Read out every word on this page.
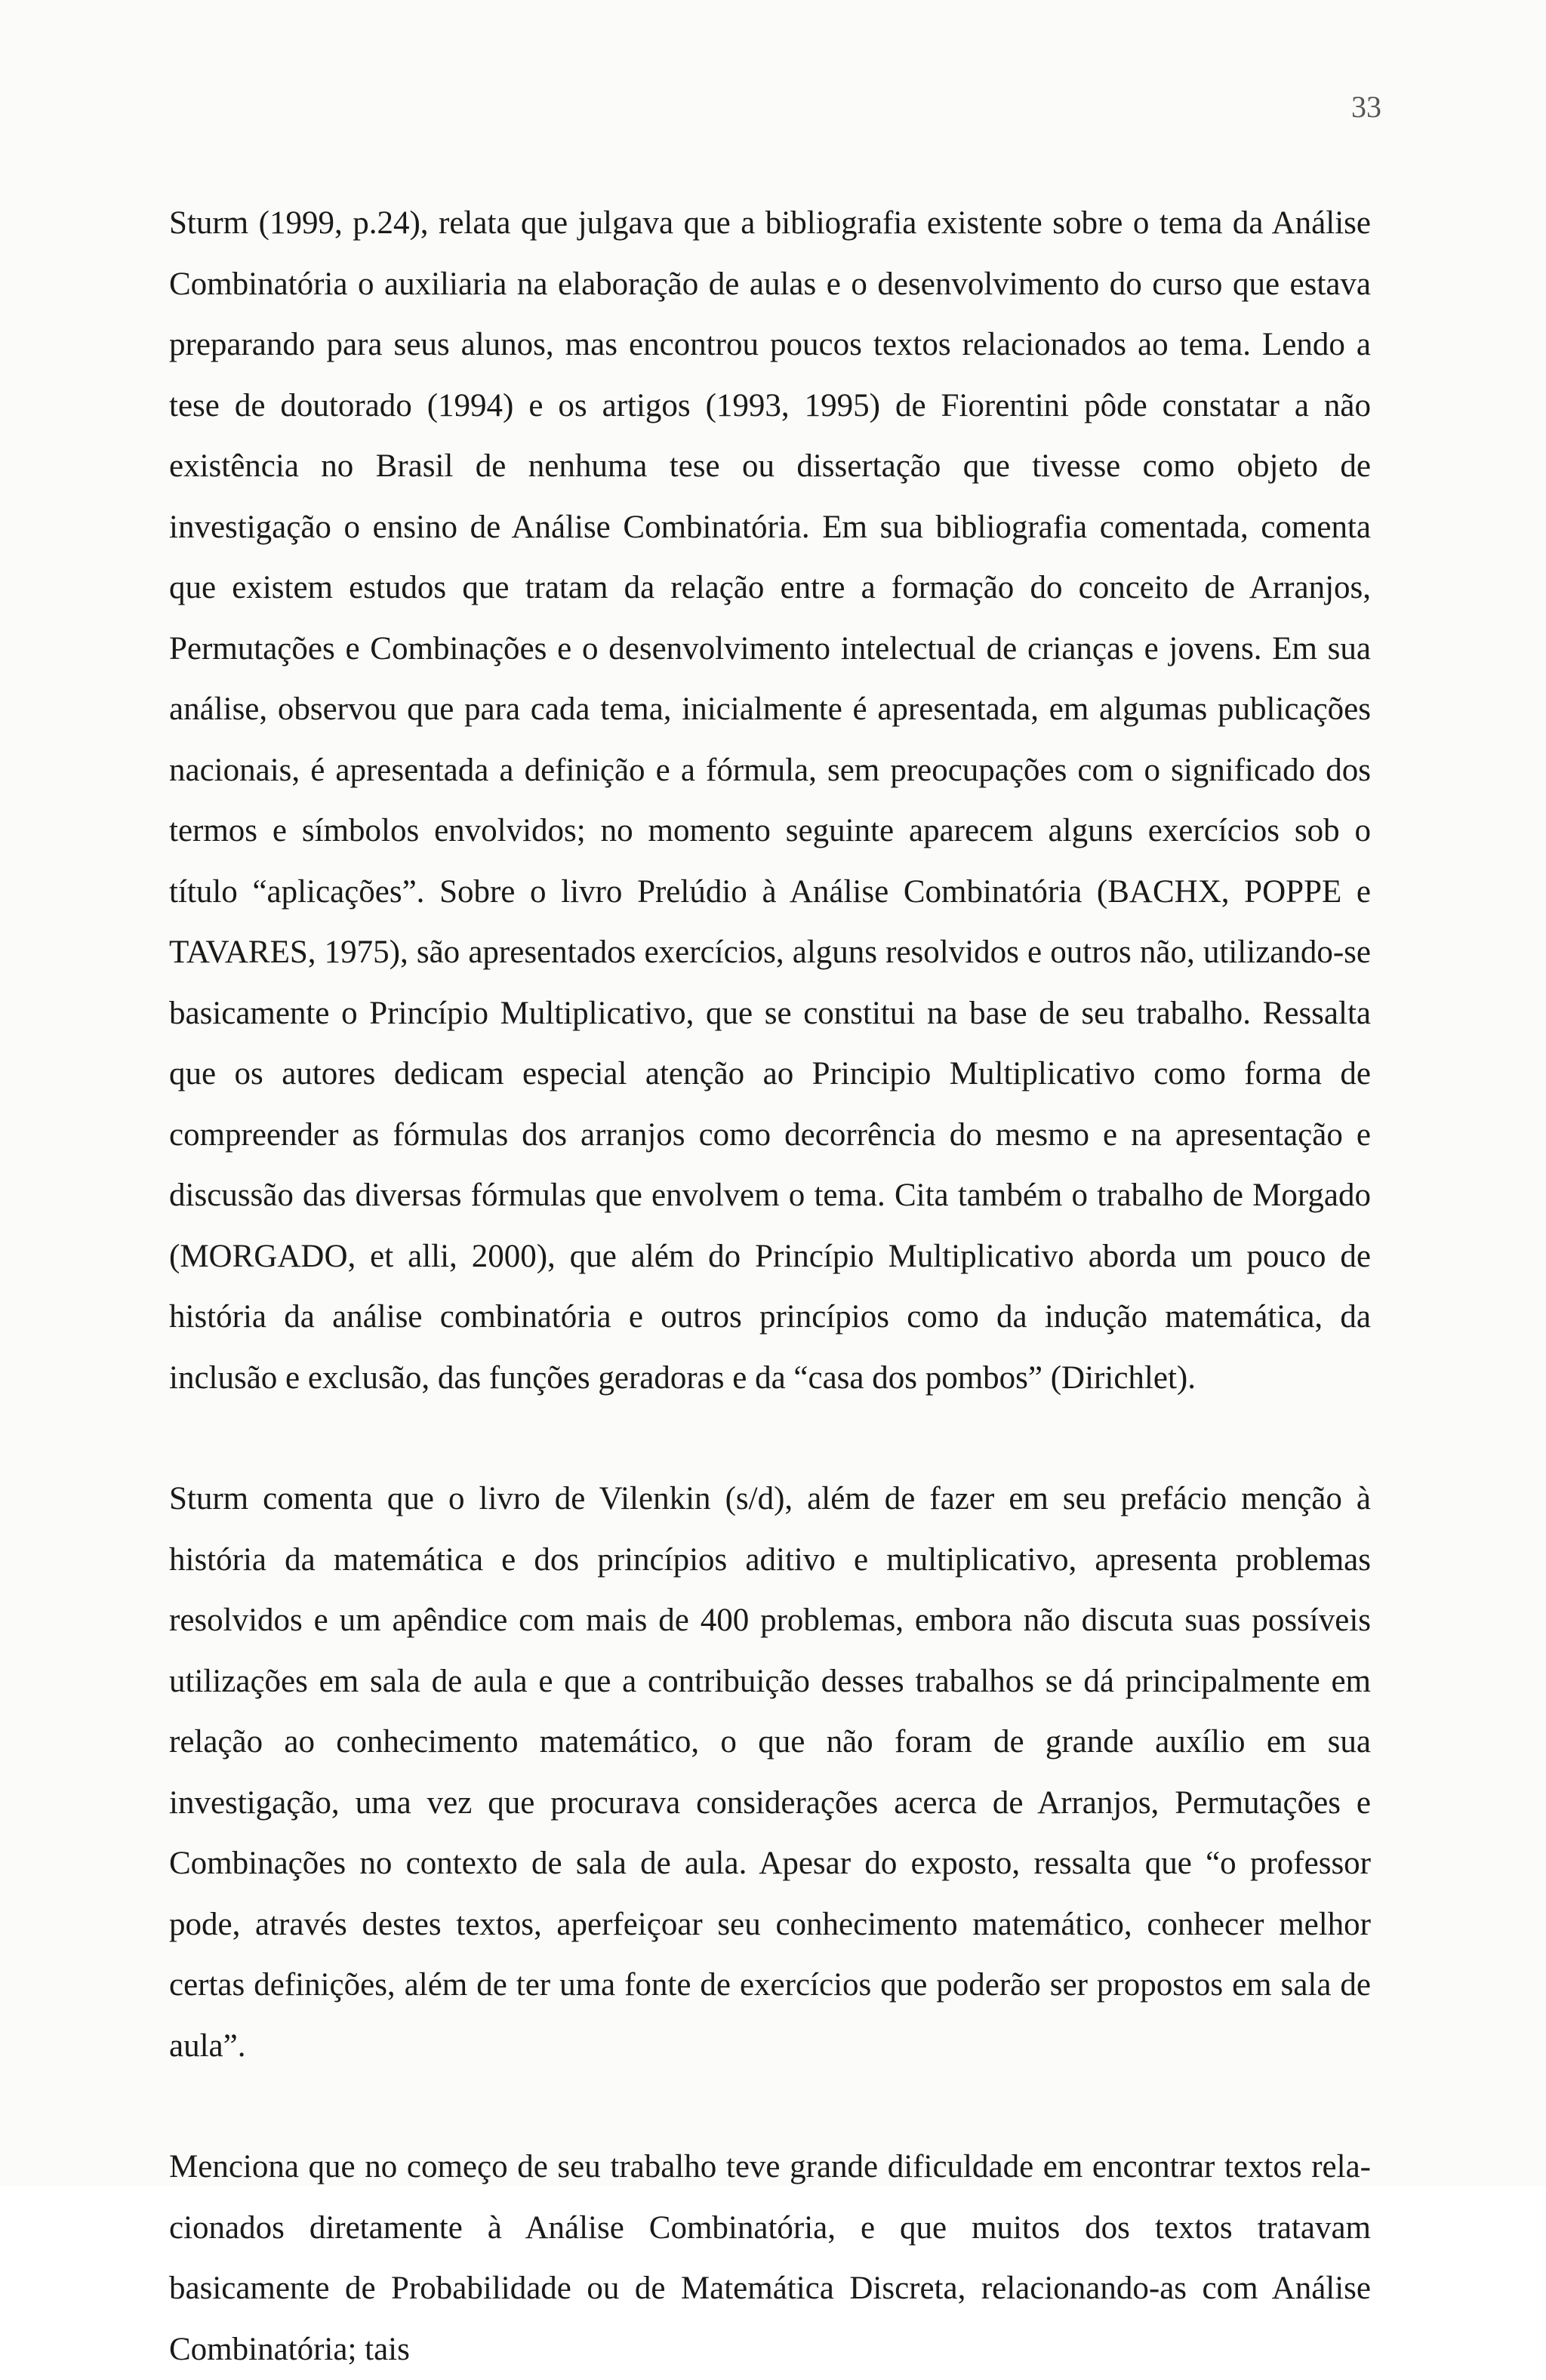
33

Sturm (1999, p.24), relata que julgava que a bibliografia existente sobre o tema da Análise Combinatória o auxiliaria na elaboração de aulas e o desenvolvimento do curso que estava preparando para seus alunos, mas encontrou poucos textos relacionados ao tema. Lendo a tese de doutorado (1994) e os artigos (1993, 1995) de Fiorentini pôde constatar a não existência no Brasil de nenhuma tese ou dissertação que tivesse como objeto de investigação o ensino de Análise Combinatória. Em sua bibliografia comentada, comenta que existem estudos que tratam da relação entre a formação do conceito de Arranjos, Permutações e Combinações e o desenvolvimento intelectual de crianças e jovens. Em sua análise, observou que para cada tema, inicialmente é apresentada, em algumas publicações nacionais, é apresentada a definição e a fórmula, sem preocupações com o significado dos termos e símbolos envolvidos; no momento seguinte aparecem alguns exercícios sob o título “aplicações”. Sobre o livro Prelúdio à Análise Combinatória (BACHX, POPPE e TAVARES, 1975), são apresentados exercícios, alguns resolvidos e outros não, utilizando-se basicamente o Princípio Multiplicativo, que se constitui na base de seu trabalho. Ressalta que os autores dedicam especial atenção ao Principio Multiplicativo como forma de compreender as fórmulas dos arranjos como decorrência do mesmo e na apresentação e discussão das diversas fórmulas que envolvem o tema. Cita também o trabalho de Morgado (MORGADO, et alli, 2000), que além do Princípio Multiplicativo aborda um pouco de história da análise combinatória e outros princípios como da indução matemática, da inclusão e exclusão, das funções geradoras e da “casa dos pombos” (Dirichlet).

Sturm comenta que o livro de Vilenkin (s/d), além de fazer em seu prefácio menção à história da matemática e dos princípios aditivo e multiplicativo, apresenta problemas resolvidos e um apêndice com mais de 400 problemas, embora não discuta suas possíveis utilizações em sala de aula e que a contribuição desses trabalhos se dá principalmente em relação ao conhecimento matemático, o que não foram de grande auxílio em sua investigação, uma vez que procurava considerações acerca de Arranjos, Permutações e Combinações no contexto de sala de aula. Apesar do exposto, ressalta que “o professor pode, através destes textos, aperfeiçoar seu conhecimento matemático, conhecer melhor certas definições, além de ter uma fonte de exercícios que poderão ser propostos em sala de aula”.

Menciona que no começo de seu trabalho teve grande dificuldade em encontrar textos relacionados diretamente à Análise Combinatória, e que muitos dos textos tratavam basicamente de Probabilidade ou de Matemática Discreta, relacionando-as com Análise Combinatória; tais
